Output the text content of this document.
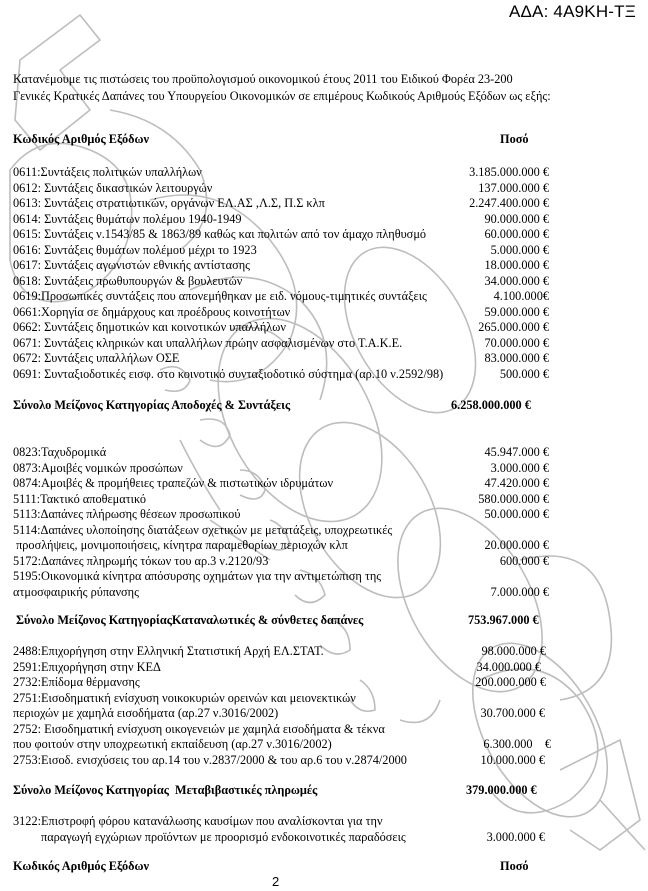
ΑΔΑ: 4Α9ΚΗ-ΤΞ
Κατανέμουμε τις πιστώσεις του προϋπολογισμού οικονομικού έτους 2011 του Ειδικού Φορέα 23-200 Γενικές Κρατικές Δαπάνες του Υπουργείου Οικονομικών σε επιμέρους Κωδικούς Αριθμούς Εξόδων ως εξής:
Κωδικός Αριθμός Εξόδων	Ποσό
0611:Συντάξεις πολιτικών υπαλλήλων	3.185.000.000 €
0612: Συντάξεις δικαστικών λειτουργών	137.000.000 €
0613: Συντάξεις στρατιωτικών, οργάνων ΕΛ.ΑΣ ,Λ.Σ, Π.Σ κλπ	2.247.400.000 €
0614: Συντάξεις θυμάτων πολέμου 1940-1949	90.000.000 €
0615: Συντάξεις ν.1543/85 & 1863/89 καθώς και πολιτών από τον άμαχο πληθυσμό	60.000.000 €
0616: Συντάξεις θυμάτων πολέμου μέχρι το 1923	5.000.000 €
0617: Συντάξεις αγωνιστών εθνικής αντίστασης	18.000.000 €
0618: Συντάξεις πρωθυπουργών & βουλευτών	34.000.000 €
0619:Προσωπικές συντάξεις που απονεμήθηκαν με ειδ. νόμους-τιμητικές συντάξεις	4.100.000€
0661:Χορηγία σε δημάρχους και προέδρους κοινοτήτων	59.000.000 €
0662: Συντάξεις δημοτικών και κοινοτικών υπαλλήλων	265.000.000 €
0671: Συντάξεις κληρικών και υπαλλήλων πρώην ασφαλισμένων στο Τ.Α.Κ.Ε.	70.000.000 €
0672: Συντάξεις υπαλλήλων ΟΣΕ	83.000.000 €
0691: Συνταξιοδοτικές εισφ. στο κοινοτικό συνταξιοδοτικό σύστημα (αρ.10 ν.2592/98)	500.000 €
Σύνολο Μείζονος Κατηγορίας Αποδοχές & Συντάξεις	6.258.000.000 €
0823:Ταχυδρομικά	45.947.000 €
0873:Αμοιβές νομικών προσώπων	3.000.000 €
0874:Αμοιβές & προμήθειες τραπεζών & πιστωτικών ιδρυμάτων	47.420.000 €
5111:Τακτικό αποθεματικό	580.000.000 €
5113:Δαπάνες πλήρωσης θέσεων προσωπικού	50.000.000 €
5114:Δαπάνες υλοποίησης διατάξεων σχετικών με μετατάξεις, υποχρεωτικές
προσλήψεις, μονιμοποιήσεις, κίνητρα παραμεθορίων περιοχών κλπ	20.000.000 €
5172:Δαπάνες πληρωμής τόκων του αρ.3 ν.2120/93	600.000 €
5195:Οικονομικά κίνητρα απόσυρσης οχημάτων για την αντιμετώπιση της
ατμοσφαιρικής ρύπανσης	7.000.000 €
Σύνολο Μείζονος ΚατηγορίαςΚαταναλωτικές & σύνθετες δαπάνες	753.967.000 €
2488:Επιχορήγηση στην Ελληνική Στατιστική Αρχή ΕΛ.ΣΤΑΤ.	98.000.000 €
2591:Επιχορήγηση στην ΚΕΔ	34.000.000 €
2732:Επίδομα θέρμανσης	200.000.000 €
2751:Εισοδηματική ενίσχυση νοικοκυριών ορεινών και μειονεκτικών
περιοχών με χαμηλά εισοδήματα (αρ.27 ν.3016/2002)	30.700.000 €
2752: Εισοδηματική ενίσχυση οικογενειών με χαμηλά εισοδήματα & τέκνα
που φοιτούν στην υποχρεωτική εκπαίδευση (αρ.27 ν.3016/2002)	6.300.000    €
2753:Εισοδ. ενισχύσεις του αρ.14 του ν.2837/2000 & του αρ.6 του ν.2874/2000	10.000.000 €
Σύνολο Μείζονος Κατηγορίας  Μεταβιβαστικές πληρωμές	379.000.000 €
3122:Επιστροφή φόρου κατανάλωσης καυσίμων που αναλίσκονται για την
παραγωγή εγχώριων προϊόντων με προορισμό ενδοκοινοτικές παραδόσεις	3.000.000 €
Κωδικός Αριθμός Εξόδων	Ποσό
2
